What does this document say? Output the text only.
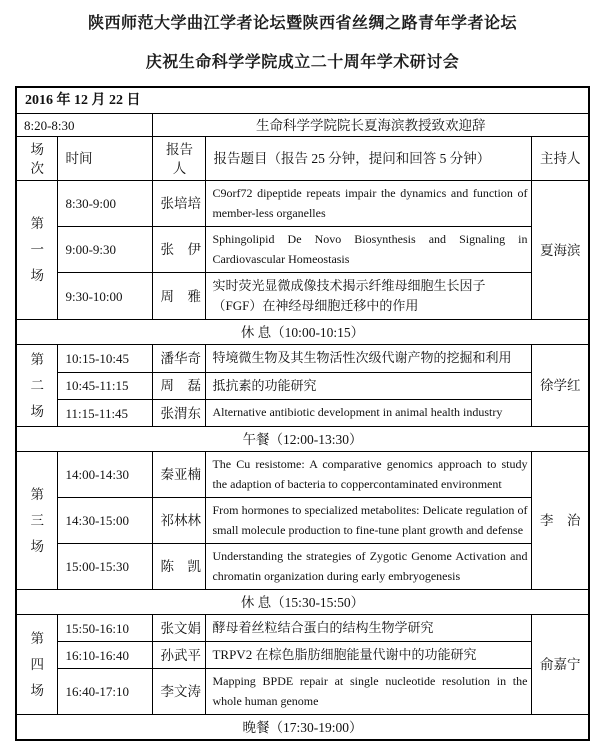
陕西师范大学曲江学者论坛暨陕西省丝绸之路青年学者论坛
庆祝生命科学学院成立二十周年学术研讨会
2016 年 12 月 22 日				
8:20-8:30		生命科学学院院长夏海滨教授致欢迎辞		
场次	时间	报告人	报告题目（报告 25 分钟，提问和回答 5 分钟）	主持人

第一场	8:30-9:00	张培培	C9orf72 dipeptide repeats impair the dynamics and function of member-less organelles	夏海滨
	9:00-9:30	张　伊	Sphingolipid De Novo Biosynthesis and Signaling in Cardiovascular Homeostasis	
	9:30-10:00	周　雅	实时荧光显微成像技术揭示纤维母细胞生长因子（FGF）在神经母细胞迁移中的作用	
休 息（10:00-10:15）				

第二场	10:15-10:45	潘华奇	特境微生物及其生物活性次级代谢产物的挖掘和利用	徐学红
	10:45-11:15	周　磊	抵抗素的功能研究	
	11:15-11:45	张渭东	Alternative antibiotic development in animal health industry	
午餐（12:00-13:30）				

第三场	14:00-14:30	秦亚楠	The Cu resistome: A comparative genomics approach to study the adaption of bacteria to coppercontaminated environment	李　治
	14:30-15:00	祁林林	From hormones to specialized metabolites: Delicate regulation of small molecule production to fine-tune plant growth and defense	
	15:00-15:30	陈　凯	Understanding the strategies of Zygotic Genome Activation and chromatin organization during early embryogenesis	
休 息（15:30-15:50）				

第四场	15:50-16:10	张文娟	酵母着丝粒结合蛋白的结构生物学研究	俞嘉宁
	16:10-16:40	孙武平	TRPV2 在棕色脂肪细胞能量代谢中的功能研究	
	16:40-17:10	李文涛	Mapping BPDE repair at single nucleotide resolution in the whole human genome	
晚餐（17:30-19:00）				
